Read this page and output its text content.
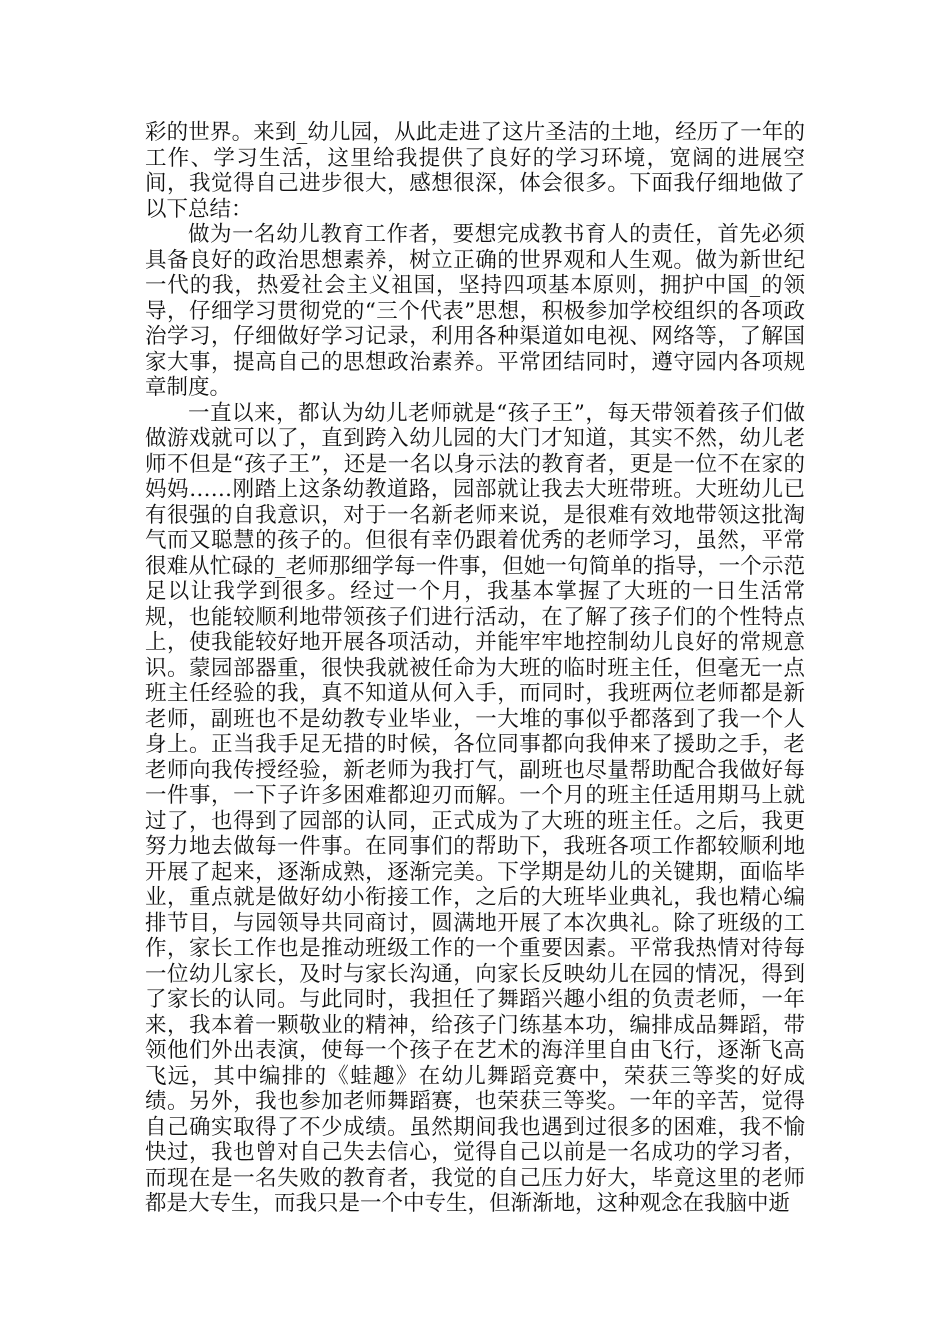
彩的世界。来到_幼儿园，从此走进了这片圣洁的土地，经历了一年的工作、学习生活，这里给我提供了良好的学习环境，宽阔的进展空间，我觉得自己进步很大，感想很深，体会很多。下面我仔细地做了以下总结：

做为一名幼儿教育工作者，要想完成教书育人的责任，首先必须具备良好的政治思想素养，树立正确的世界观和人生观。做为新世纪一代的我，热爱社会主义祖国，坚持四项基本原则，拥护中国_的领导，仔细学习贯彻党的“三个代表”思想，积极参加学校组织的各项政治学习，仔细做好学习记录，利用各种渠道如电视、网络等，了解国家大事，提高自己的思想政治素养。平常团结同时，遵守园内各项规章制度。

一直以来，都认为幼儿老师就是“孩子王”，每天带领着孩子们做做游戏就可以了，直到跨入幼儿园的大门才知道，其实不然，幼儿老师不但是“孩子王”，还是一名以身示法的教育者，更是一位不在家的妈妈……刚踏上这条幼教道路，园部就让我去大班带班。大班幼儿已有很强的自我意识，对于一名新老师来说，是很难有效地带领这批淘气而又聪慧的孩子的。但很有幸仍跟着优秀的老师学习，虽然，平常很难从忙碌的_老师那细学每一件事，但她一句简单的指导，一个示范足以让我学到很多。经过一个月，我基本掌握了大班的一日生活常规，也能较顺利地带领孩子们进行活动，在了解了孩子们的个性特点上，使我能较好地开展各项活动，并能牢牢地控制幼儿良好的常规意识。蒙园部器重，很快我就被任命为大班的临时班主任，但毫无一点班主任经验的我，真不知道从何入手，而同时，我班两位老师都是新老师，副班也不是幼教专业毕业，一大堆的事似乎都落到了我一个人身上。正当我手足无措的时候，各位同事都向我伸来了援助之手，老老师向我传授经验，新老师为我打气，副班也尽量帮助配合我做好每一件事，一下子许多困难都迎刃而解。一个月的班主任适用期马上就过了，也得到了园部的认同，正式成为了大班的班主任。之后，我更努力地去做每一件事。在同事们的帮助下，我班各项工作都较顺利地开展了起来，逐渐成熟，逐渐完美。下学期是幼儿的关键期，面临毕业，重点就是做好幼小衔接工作，之后的大班毕业典礼，我也精心编排节目，与园领导共同商讨，圆满地开展了本次典礼。除了班级的工作，家长工作也是推动班级工作的一个重要因素。平常我热情对待每一位幼儿家长，及时与家长沟通，向家长反映幼儿在园的情况，得到了家长的认同。与此同时，我担任了舞蹈兴趣小组的负责老师，一年来，我本着一颗敬业的精神，给孩子门练基本功，编排成品舞蹈，带领他们外出表演，使每一个孩子在艺术的海洋里自由飞行，逐渐飞高飞远，其中编排的《蛙趣》在幼儿舞蹈竞赛中，荣获三等奖的好成绩。另外，我也参加老师舞蹈赛，也荣获三等奖。一年的辛苦，觉得自己确实取得了不少成绩。虽然期间我也遇到过很多的困难，我不愉快过，我也曾对自己失去信心，觉得自己以前是一名成功的学习者，而现在是一名失败的教育者，我觉的自己压力好大，毕竟这里的老师都是大专生，而我只是一个中专生，但渐渐地，这种观念在我脑中逝
